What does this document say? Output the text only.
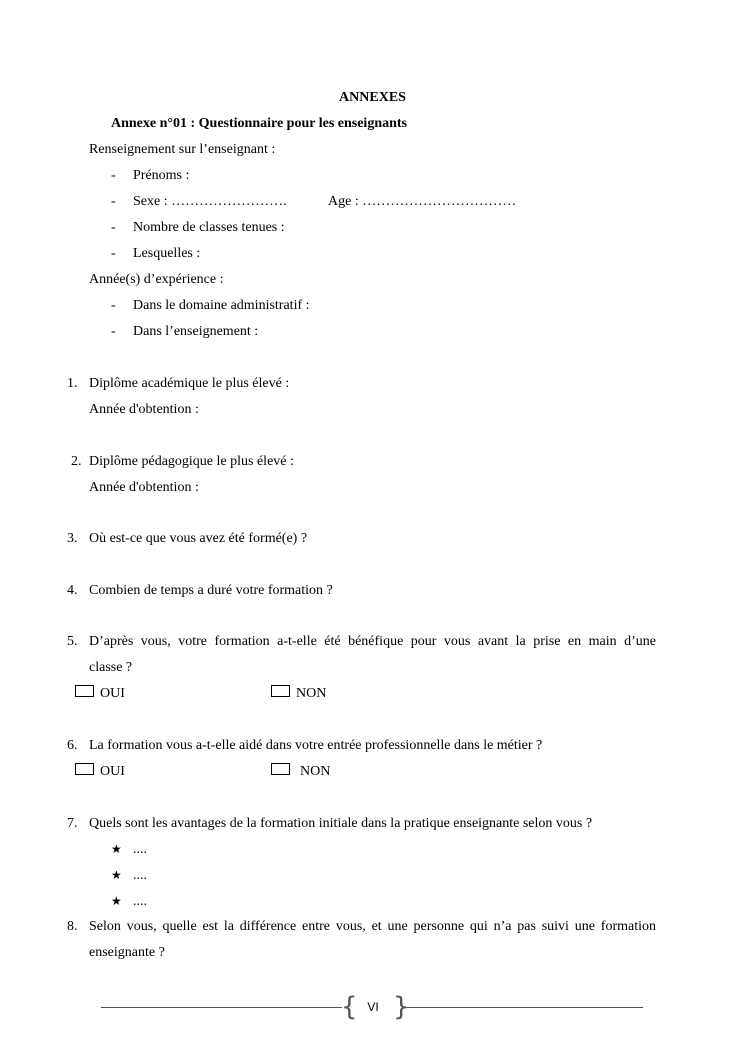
ANNEXES
Annexe n°01 : Questionnaire pour les enseignants
Renseignement sur l’enseignant :
- Prénoms :
- Sexe : …………………….	Age : ……………………………
- Nombre de classes tenues :
- Lesquelles :
Année(s) d’expérience :
- Dans le domaine administratif :
- Dans l’enseignement :
1. Diplôme académique le plus élevé :
Année d'obtention :
2. Diplôme pédagogique le plus élevé :
Année d'obtention :
3. Où est-ce que vous avez été formé(e) ?
4. Combien de temps a duré votre formation ?
5. D’après vous, votre formation a-t-elle été bénéfique pour vous avant la prise en main d’une
classe ?
OUI	NON
6. La formation vous a-t-elle aidé dans votre entrée professionnelle dans le métier ?
OUI	NON
7. Quels sont les avantages de la formation initiale dans la pratique enseignante selon vous ?
★ ....
★ ....
★ ....
8. Selon vous, quelle est la différence entre vous, et une personne qui n’a pas suivi une formation
enseignante ?
{ VI }
